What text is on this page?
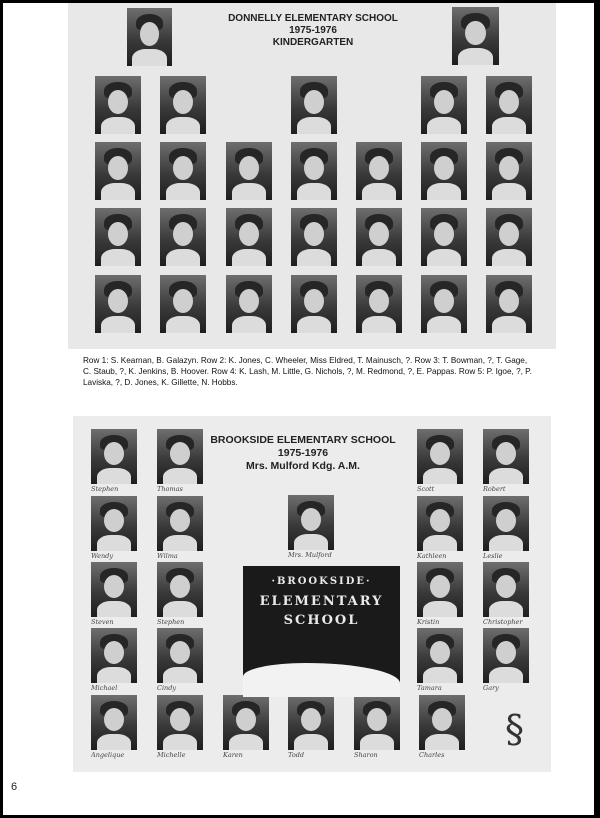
DONNELLY ELEMENTARY SCHOOL
1975-1976
KINDERGARTEN
Row 1: S. Kearnan, B. Galazyn. Row 2: K. Jones, C. Wheeler, Miss Eldred, T. Mainusch, ?. Row 3: T. Bowman, ?, T. Gage, C. Staub, ?, K. Jenkins, B. Hoover. Row 4: K. Lash, M. Little, G. Nichols, ?, M. Redmond, ?, E. Pappas. Row 5: P. Igoe, ?, P. Laviska, ?, D. Jones, K. Gillette, N. Hobbs.
BROOKSIDE ELEMENTARY SCHOOL
1975-1976
Mrs. Mulford Kdg. A.M.
Stephen	Thomas	Scott	Robert
Wendy	Wilma	Kathleen	Leslie
Steven	Stephen	Kristin	Christopher
Michael	Cindy	Tamara	Gary
Angelique	Michelle	Karen	Todd	Sharon	Charles
Mrs. Mulford
·BROOKSIDE·
ELEMENTARY
SCHOOL
§
6
